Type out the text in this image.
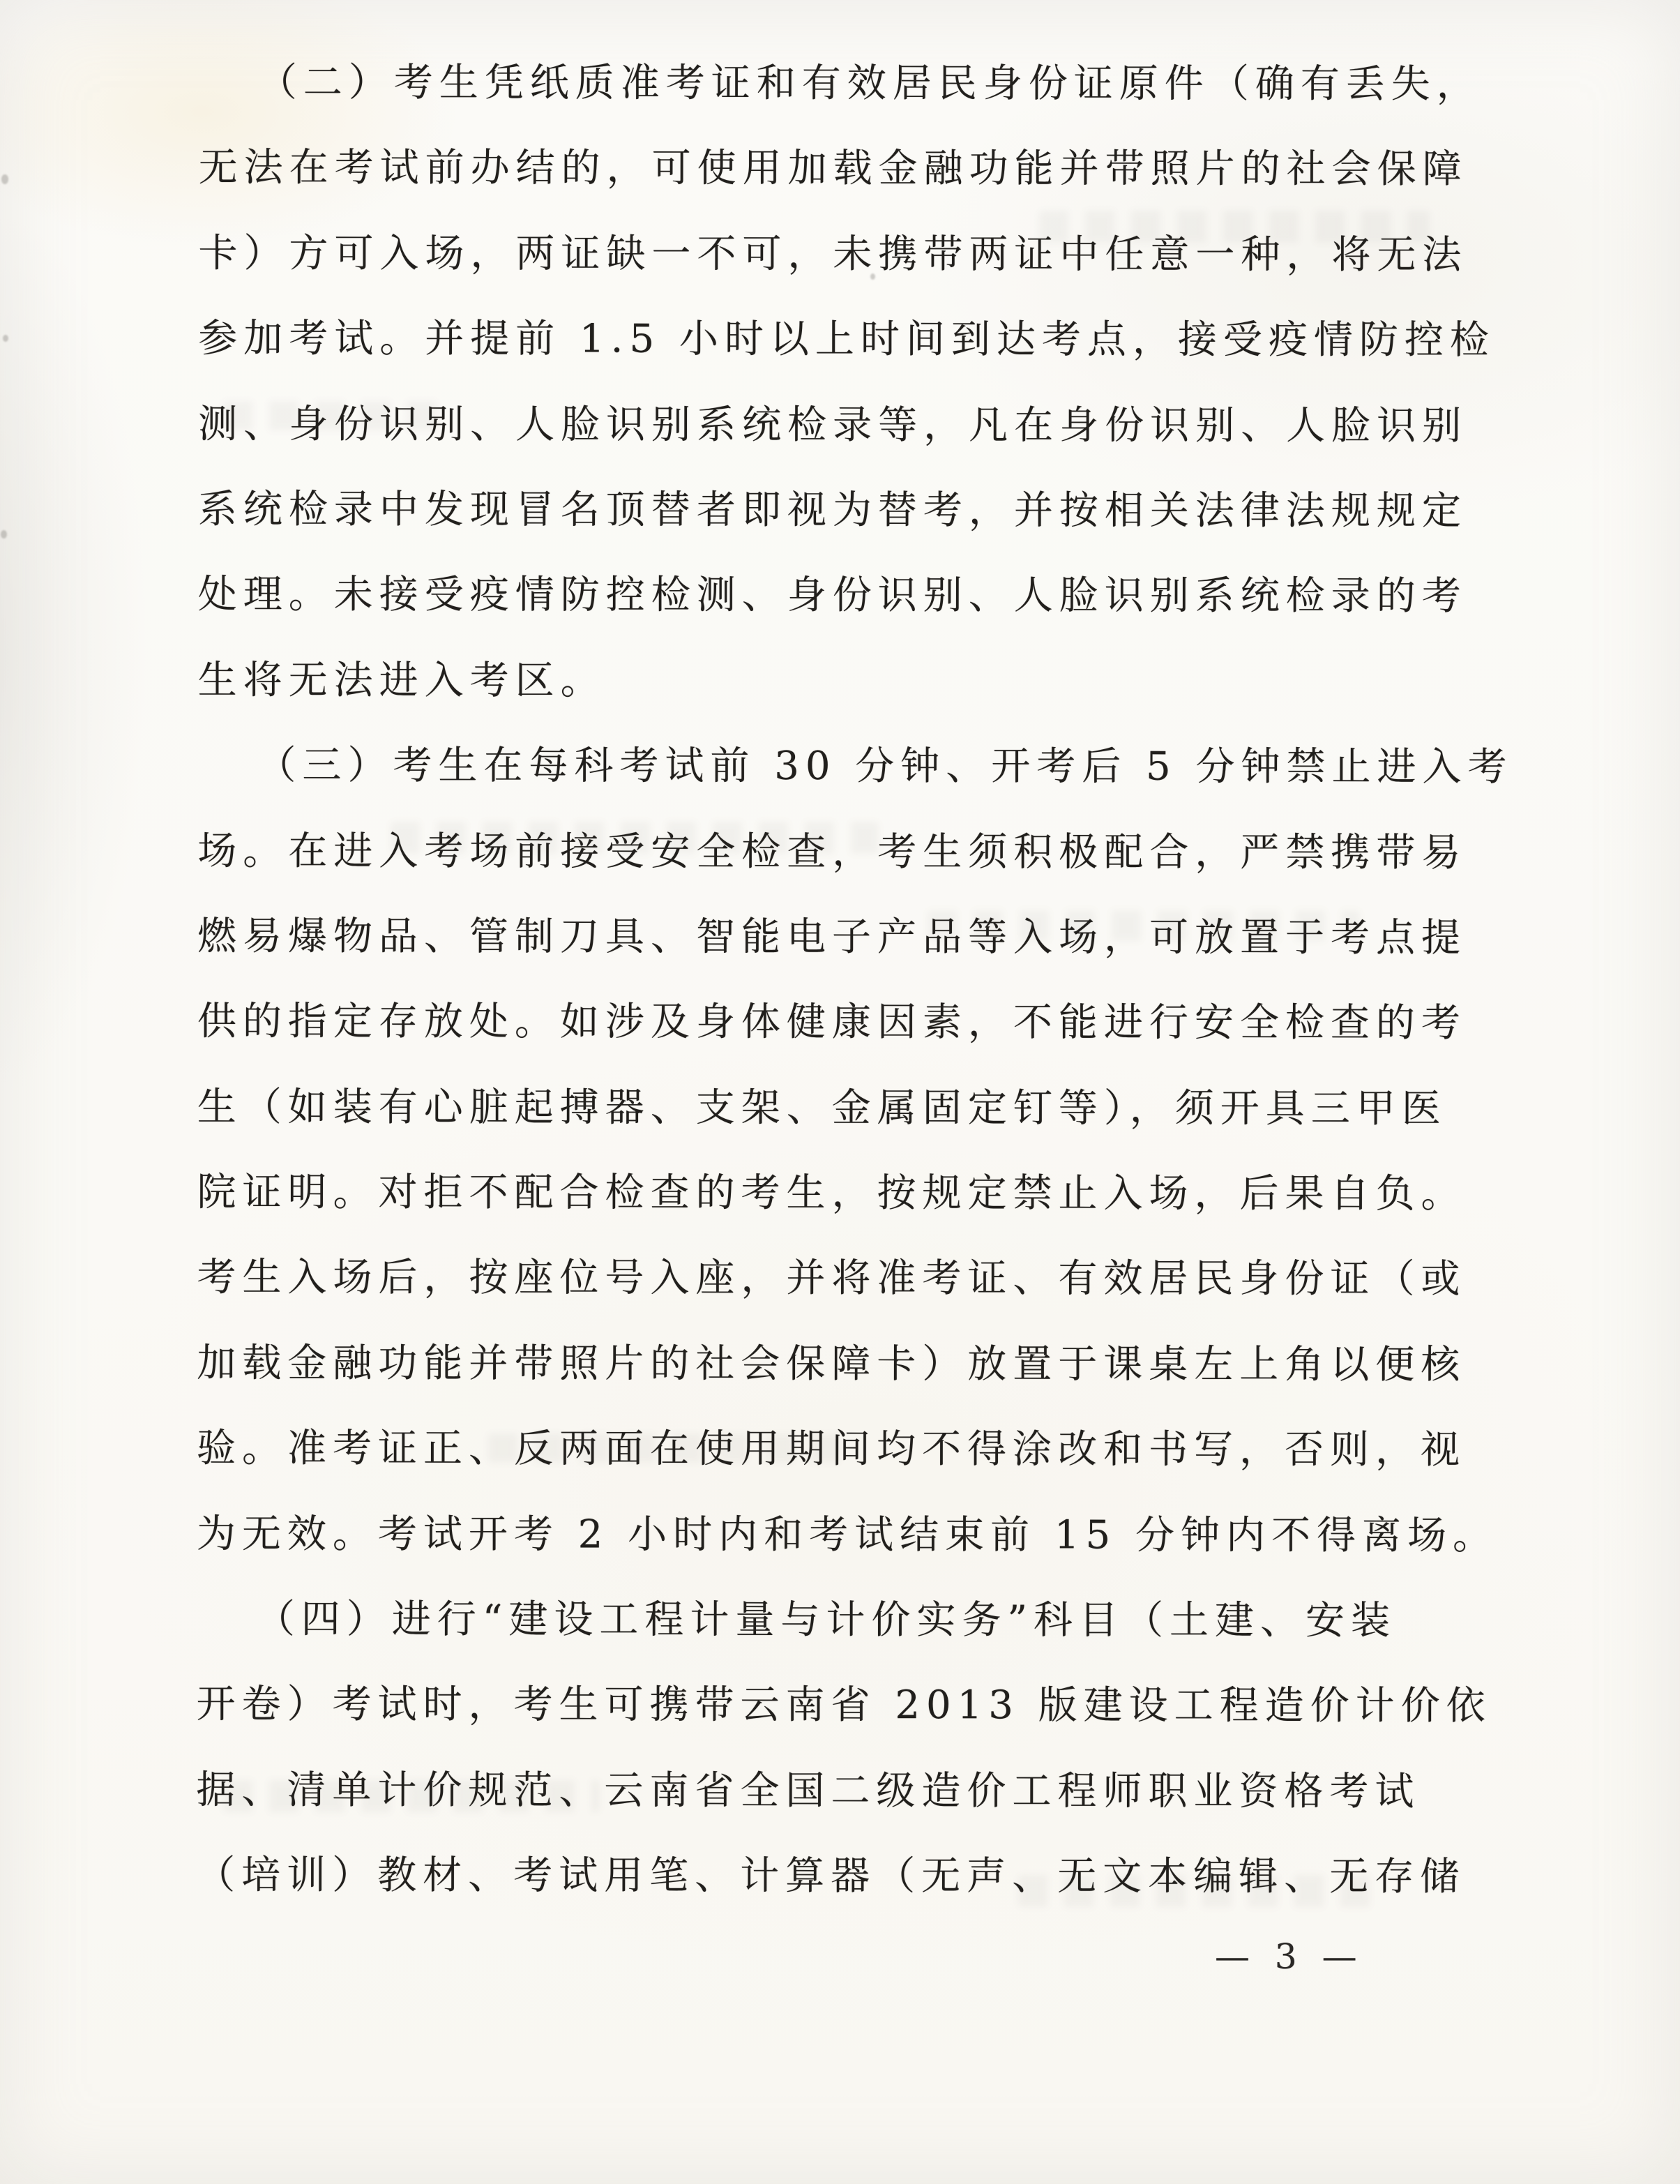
（二）考生凭纸质准考证和有效居民身份证原件（确有丢失，
无法在考试前办结的，可使用加载金融功能并带照片的社会保障
卡）方可入场，两证缺一不可，未携带两证中任意一种，将无法
参加考试。并提前 1.5 小时以上时间到达考点，接受疫情防控检
测、身份识别、人脸识别系统检录等，凡在身份识别、人脸识别
系统检录中发现冒名顶替者即视为替考，并按相关法律法规规定
处理。未接受疫情防控检测、身份识别、人脸识别系统检录的考
生将无法进入考区。
（三）考生在每科考试前 30 分钟、开考后 5 分钟禁止进入考
场。在进入考场前接受安全检查，考生须积极配合，严禁携带易
燃易爆物品、管制刀具、智能电子产品等入场，可放置于考点提
供的指定存放处。如涉及身体健康因素，不能进行安全检查的考
生（如装有心脏起搏器、支架、金属固定钉等），须开具三甲医
院证明。对拒不配合检查的考生，按规定禁止入场，后果自负。
考生入场后，按座位号入座，并将准考证、有效居民身份证（或
加载金融功能并带照片的社会保障卡）放置于课桌左上角以便核
验。准考证正、反两面在使用期间均不得涂改和书写，否则，视
为无效。考试开考 2 小时内和考试结束前 15 分钟内不得离场。
（四）进行“建设工程计量与计价实务”科目（土建、安装
开卷）考试时，考生可携带云南省 2013 版建设工程造价计价依
据、清单计价规范、云南省全国二级造价工程师职业资格考试
（培训）教材、考试用笔、计算器（无声、无文本编辑、无存储
— 3 —
